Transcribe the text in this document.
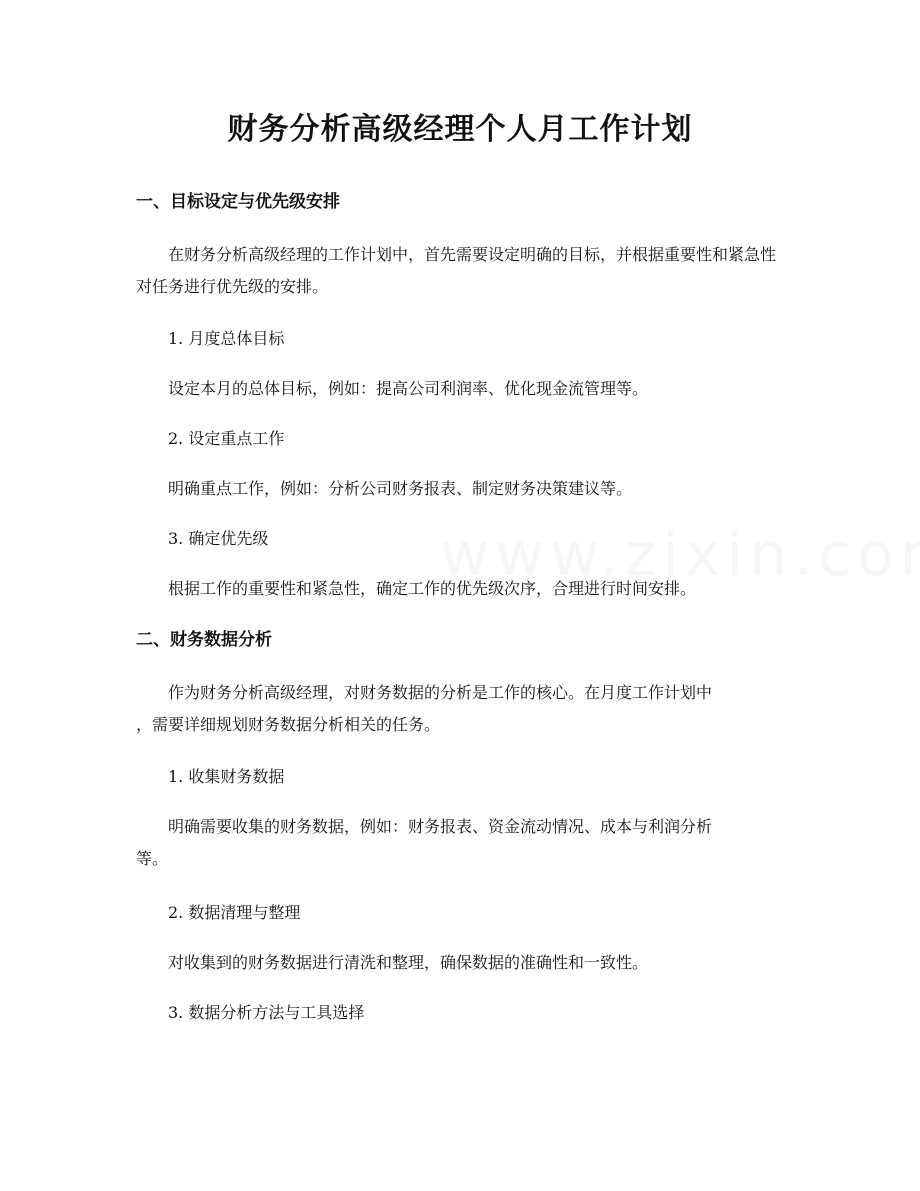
财务分析高级经理个人月工作计划
一、目标设定与优先级安排
在财务分析高级经理的工作计划中，首先需要设定明确的目标，并根据重要性和紧急性对任务进行优先级的安排。
1. 月度总体目标
设定本月的总体目标，例如：提高公司利润率、优化现金流管理等。
2. 设定重点工作
明确重点工作，例如：分析公司财务报表、制定财务决策建议等。
3. 确定优先级
根据工作的重要性和紧急性，确定工作的优先级次序，合理进行时间安排。
二、财务数据分析
作为财务分析高级经理，对财务数据的分析是工作的核心。在月度工作计划中
，需要详细规划财务数据分析相关的任务。
1. 收集财务数据
明确需要收集的财务数据，例如：财务报表、资金流动情况、成本与利润分析
等。
2. 数据清理与整理
对收集到的财务数据进行清洗和整理，确保数据的准确性和一致性。
3. 数据分析方法与工具选择
